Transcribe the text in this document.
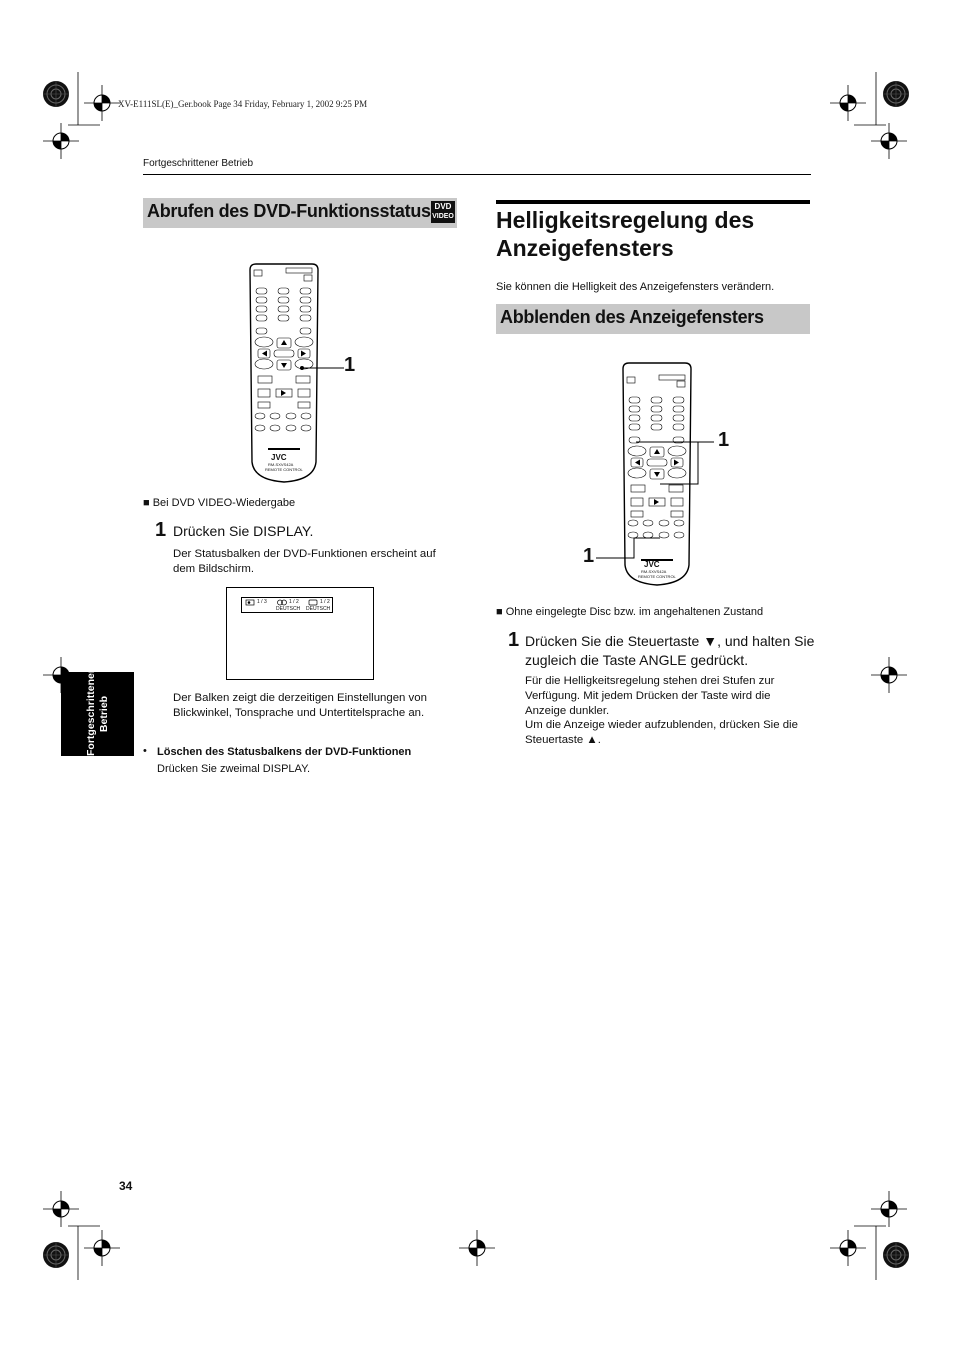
XV-E111SL(E)_Ger.book Page 34 Friday, February 1, 2002 9:25 PM
Fortgeschrittener Betrieb
Abrufen des DVD-Funktionsstatus DVD
VIDEO
JVC
RM-SXVS42A
REMOTE CONTROL
1
■ Bei DVD VIDEO-Wiedergabe
1 Drücken Sie DISPLAY.
Der Statusbalken der DVD-Funktionen erscheint auf dem Bildschirm.
1 / 3	1 / 2	1 / 2
DEUTSCH DEUTSCH
Der Balken zeigt die derzeitigen Einstellungen von Blickwinkel, Tonsprache und Untertitelsprache an.
• Löschen des Statusbalkens der DVD-Funktionen
Drücken Sie zweimal DISPLAY.
Helligkeitsregelung des Anzeigefensters
Sie können die Helligkeit des Anzeigefensters verändern.
Abblenden des Anzeigefensters
JVC
RM-SXVS42A
REMOTE CONTROL
1
1
■ Ohne eingelegte Disc bzw. im angehaltenen Zustand
1 Drücken Sie die Steuertaste ▼, und halten Sie zugleich die Taste ANGLE gedrückt.
Für die Helligkeitsregelung stehen drei Stufen zur Verfügung. Mit jedem Drücken der Taste wird die Anzeige dunkler.
Um die Anzeige wieder aufzublenden, drücken Sie die Steuertaste ▲.
Fortgeschrittener Betrieb
34
